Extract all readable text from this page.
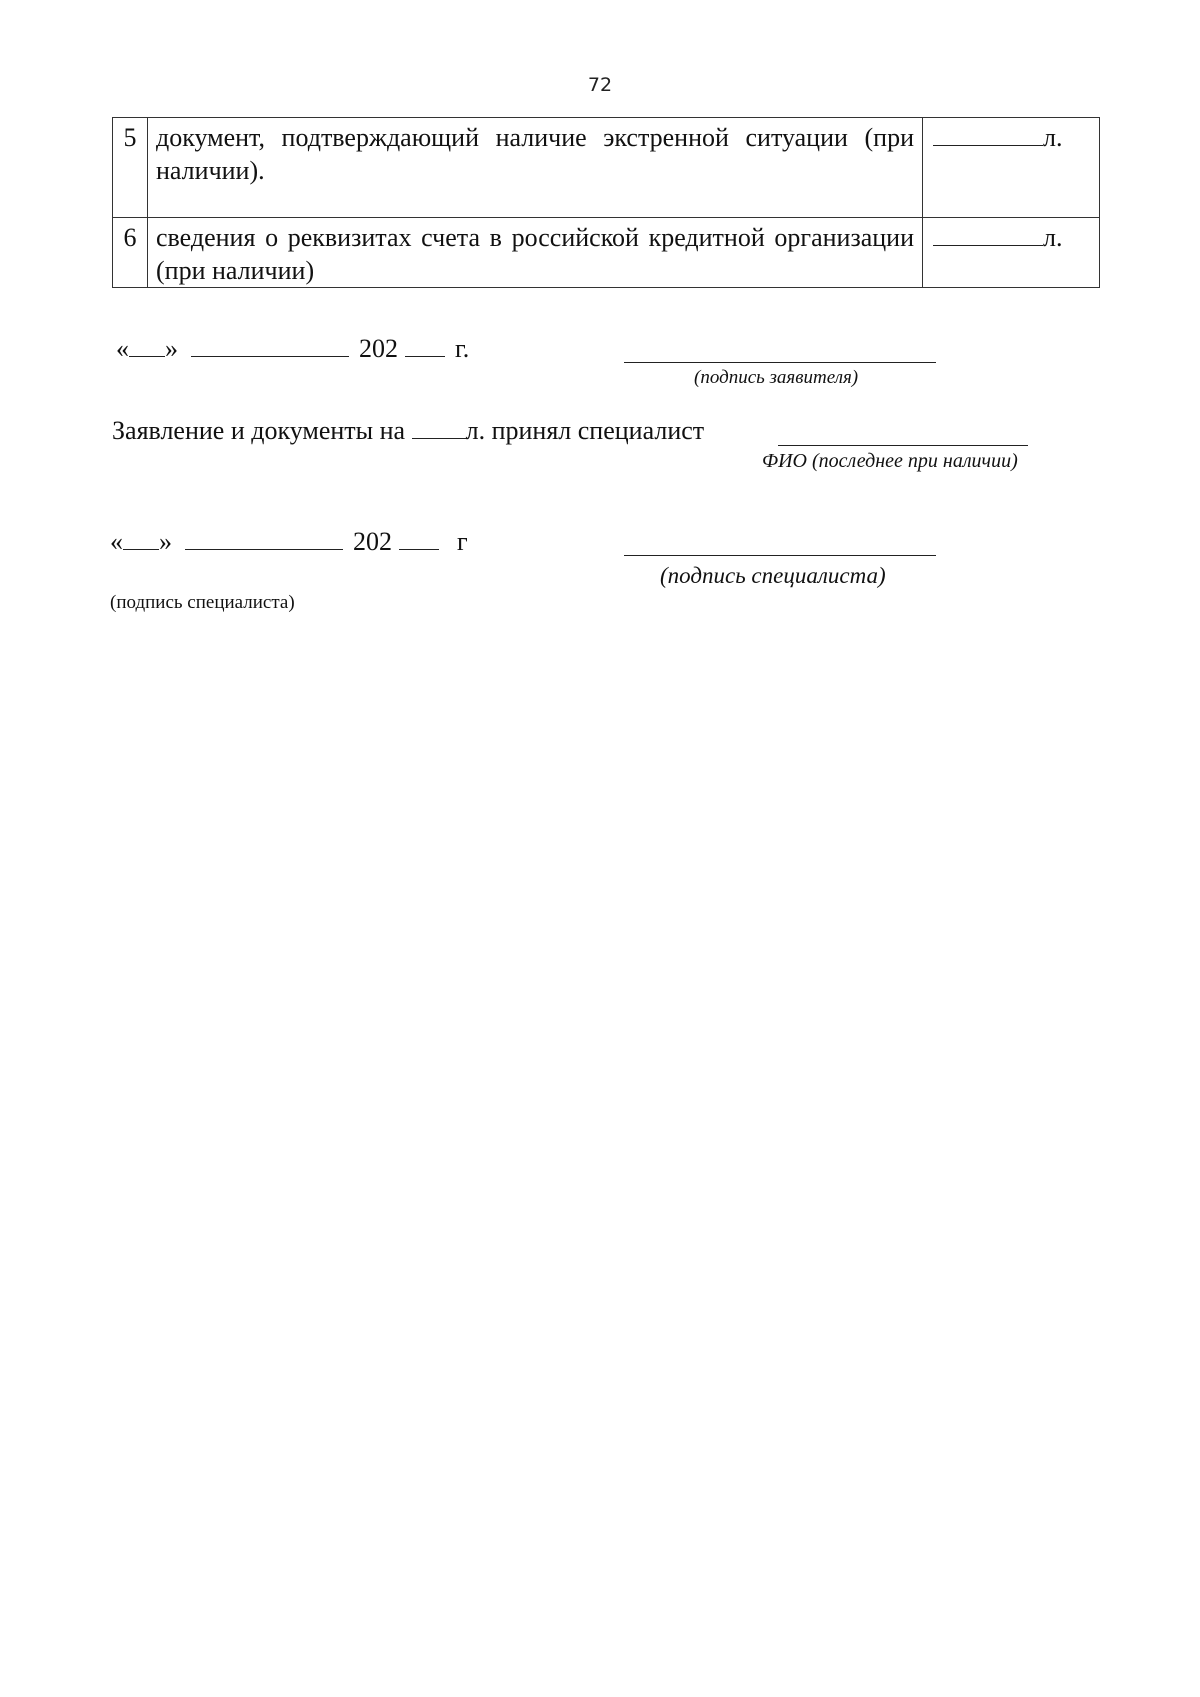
72
5	документ, подтверждающий наличие экстренной ситуации (при наличии).	л.
6	сведения о реквизитах счета в российской кредитной организации (при наличии)	л.
« »	202 г.
(подпись заявителя)
Заявление и документы на л. принял специалист
ФИО (последнее при наличии)
« »	202	г
(подпись специалиста)
(подпись специалиста)
